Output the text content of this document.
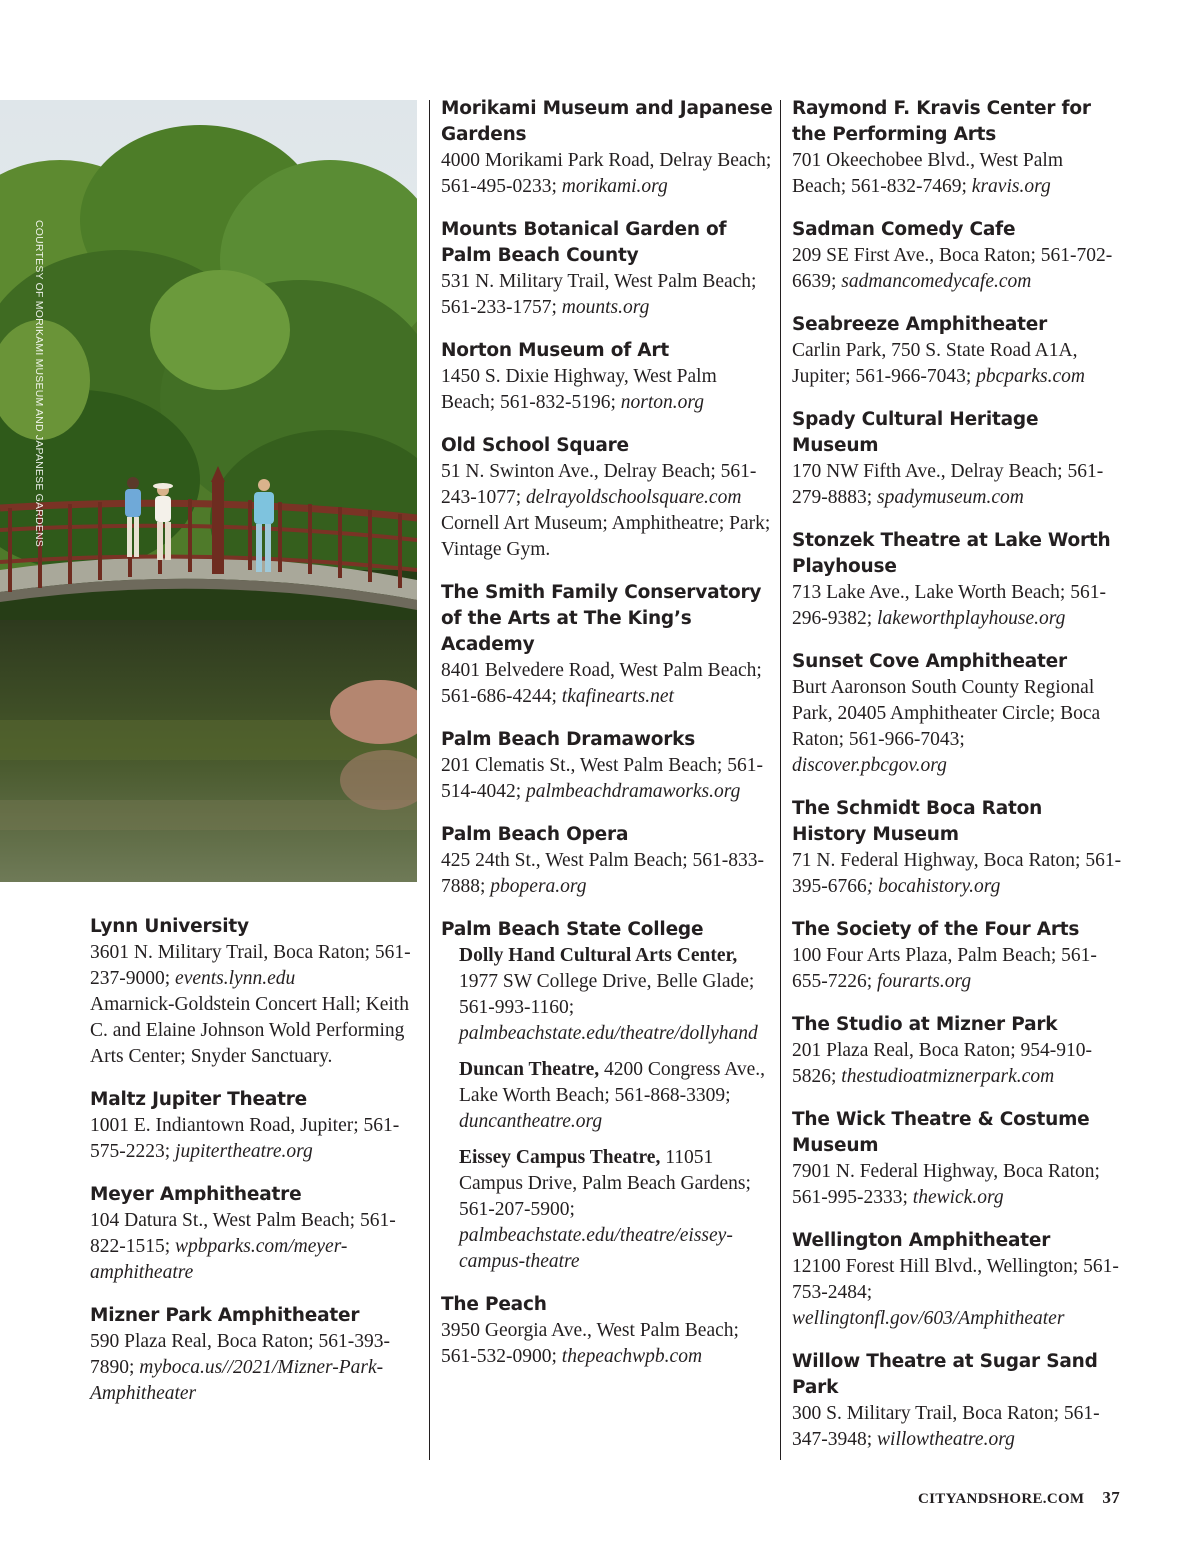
COURTESY OF MORIKAMI MUSEUM AND JAPANESE GARDENS
Lynn University
3601 N. Military Trail, Boca Raton; 561-237-9000; events.lynn.edu
Amarnick-Goldstein Concert Hall; Keith C. and Elaine Johnson Wold Performing Arts Center; Snyder Sanctuary.
Maltz Jupiter Theatre
1001 E. Indiantown Road, Jupiter; 561-575-2223; jupitertheatre.org
Meyer Amphitheatre
104 Datura St., West Palm Beach; 561-822-1515; wpbparks.com/meyer-amphitheatre
Mizner Park Amphitheater
590 Plaza Real, Boca Raton; 561-393-7890; myboca.us//2021/Mizner-Park-Amphitheater
Morikami Museum and Japanese Gardens
4000 Morikami Park Road, Delray Beach; 561-495-0233; morikami.org
Mounts Botanical Garden of Palm Beach County
531 N. Military Trail, West Palm Beach; 561-233-1757; mounts.org
Norton Museum of Art
1450 S. Dixie Highway, West Palm Beach; 561-832-5196; norton.org
Old School Square
51 N. Swinton Ave., Delray Beach; 561-243-1077; delrayoldschoolsquare.com
Cornell Art Museum; Amphitheatre; Park; Vintage Gym.
The Smith Family Conservatory of the Arts at The King’s Academy
8401 Belvedere Road, West Palm Beach; 561-686-4244; tkafinearts.net
Palm Beach Dramaworks
201 Clematis St., West Palm Beach; 561-514-4042; palmbeachdramaworks.org
Palm Beach Opera
425 24th St., West Palm Beach; 561-833-7888; pbopera.org
Palm Beach State College
Dolly Hand Cultural Arts Center, 1977 SW College Drive, Belle Glade; 561-993-1160; palmbeachstate.edu/theatre/dollyhand
Duncan Theatre, 4200 Congress Ave., Lake Worth Beach; 561-868-3309; duncantheatre.org
Eissey Campus Theatre, 11051 Campus Drive, Palm Beach Gardens; 561-207-5900; palmbeachstate.edu/theatre/eissey-campus-theatre
The Peach
3950 Georgia Ave., West Palm Beach; 561-532-0900; thepeachwpb.com
Raymond F. Kravis Center for the Performing Arts
701 Okeechobee Blvd., West Palm Beach; 561-832-7469; kravis.org
Sadman Comedy Cafe
209 SE First Ave., Boca Raton; 561-702-6639; sadmancomedycafe.com
Seabreeze Amphitheater
Carlin Park, 750 S. State Road A1A, Jupiter; 561-966-7043; pbcparks.com
Spady Cultural Heritage Museum
170 NW Fifth Ave., Delray Beach; 561-279-8883; spadymuseum.com
Stonzek Theatre at Lake Worth Playhouse
713 Lake Ave., Lake Worth Beach; 561-296-9382; lakeworthplayhouse.org
Sunset Cove Amphitheater
Burt Aaronson South County Regional Park, 20405 Amphitheater Circle; Boca Raton; 561-966-7043; discover.pbcgov.org
The Schmidt Boca Raton History Museum
71 N. Federal Highway, Boca Raton; 561-395-6766; bocahistory.org
The Society of the Four Arts
100 Four Arts Plaza, Palm Beach; 561-655-7226; fourarts.org
The Studio at Mizner Park
201 Plaza Real, Boca Raton; 954-910-5826; thestudioatmiznerpark.com
The Wick Theatre & Costume Museum
7901 N. Federal Highway, Boca Raton; 561-995-2333; thewick.org
Wellington Amphitheater
12100 Forest Hill Blvd., Wellington; 561-753-2484; wellingtonfl.gov/603/Amphitheater
Willow Theatre at Sugar Sand Park
300 S. Military Trail, Boca Raton; 561-347-3948; willowtheatre.org
CITYANDSHORE.COM 37
